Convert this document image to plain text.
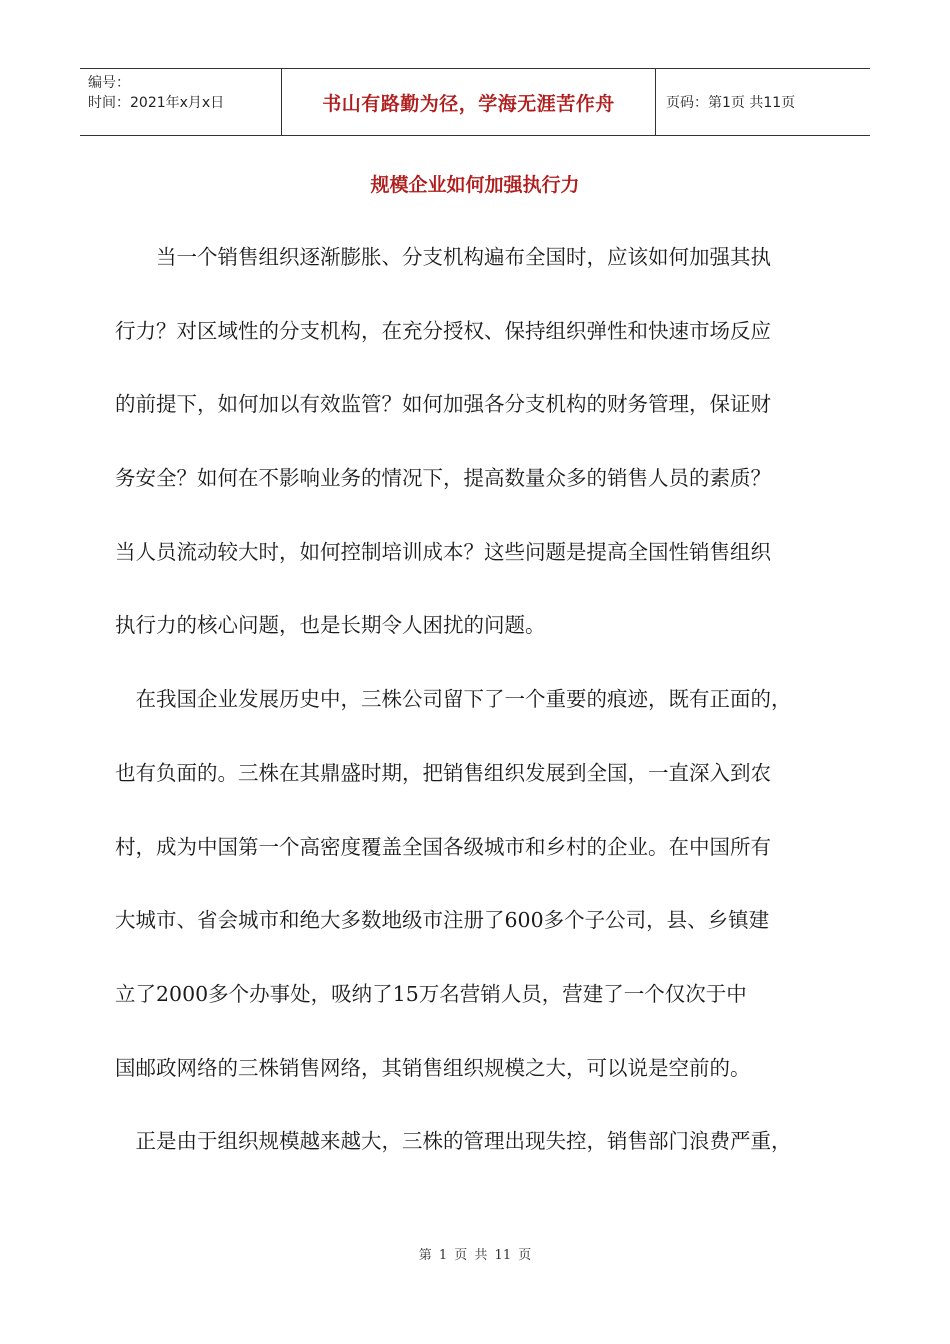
编号：
时间：2021年x月x日	书山有路勤为径，学海无涯苦作舟	页码：第1页 共11页
规模企业如何加强执行力
　　当一个销售组织逐渐膨胀、分支机构遍布全国时，应该如何加强其执
行力？对区域性的分支机构，在充分授权、保持组织弹性和快速市场反应
的前提下，如何加以有效监管？如何加强各分支机构的财务管理，保证财
务安全？如何在不影响业务的情况下，提高数量众多的销售人员的素质？
当人员流动较大时，如何控制培训成本？这些问题是提高全国性销售组织
执行力的核心问题，也是长期令人困扰的问题。
　在我国企业发展历史中，三株公司留下了一个重要的痕迹，既有正面的，
也有负面的。三株在其鼎盛时期，把销售组织发展到全国，一直深入到农
村，成为中国第一个高密度覆盖全国各级城市和乡村的企业。在中国所有
大城市、省会城市和绝大多数地级市注册了600多个子公司，县、乡镇建
立了2000多个办事处，吸纳了15万名营销人员，营建了一个仅次于中
国邮政网络的三株销售网络，其销售组织规模之大，可以说是空前的。
　正是由于组织规模越来越大，三株的管理出现失控，销售部门浪费严重，
第 1 页 共 11 页
